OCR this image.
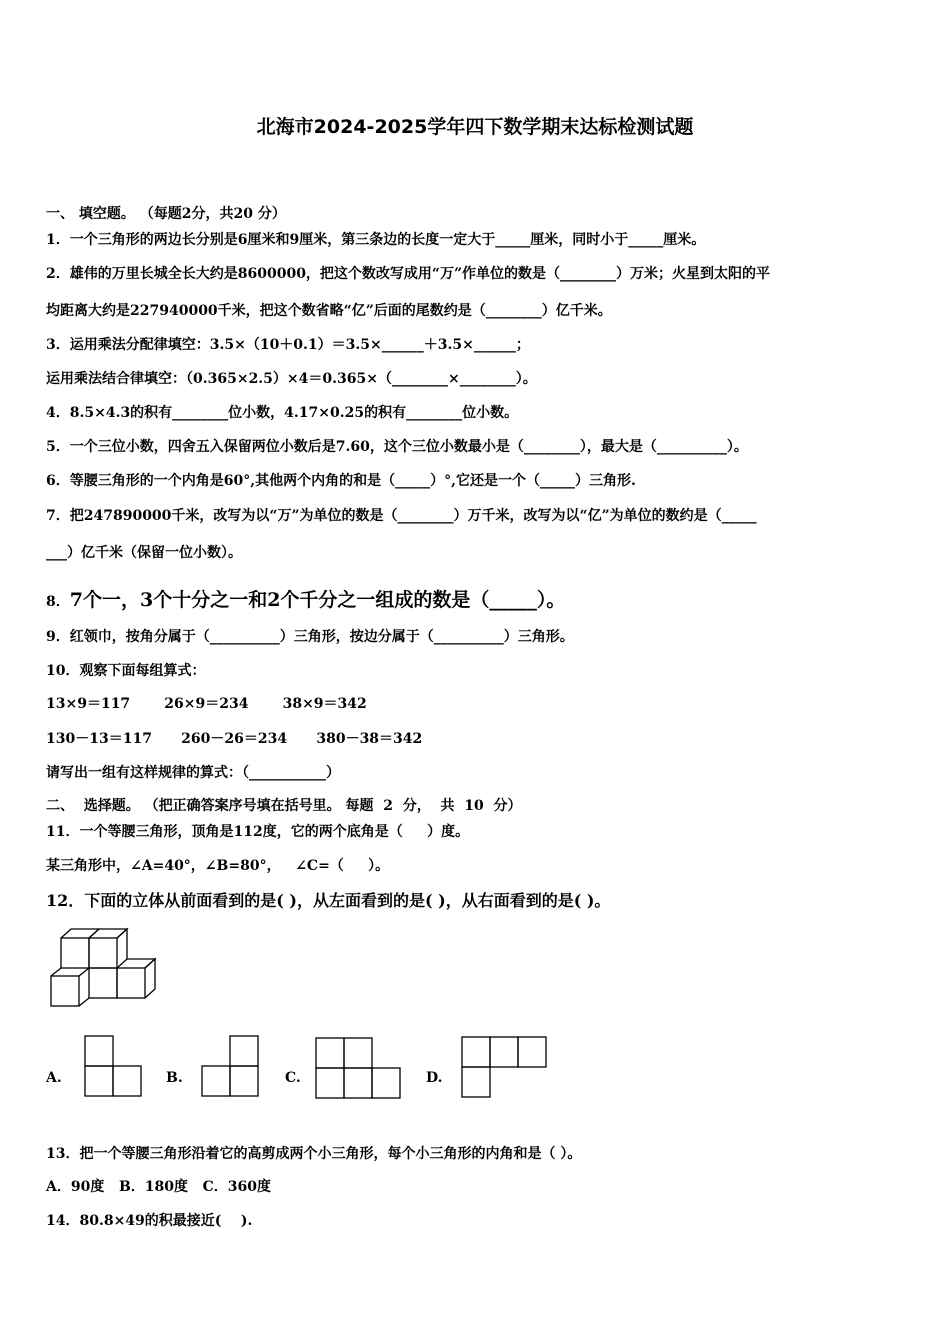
北海市2024-2025学年四下数学期末达标检测试题
一、 填空题。 （每题2分，共20 分）
1．一个三角形的两边长分别是6厘米和9厘米，第三条边的长度一定大于_____厘米，同时小于_____厘米。
2．雄伟的万里长城全长大约是8600000，把这个数改写成用“万”作单位的数是（________）万米；火星到太阳的平
均距离大约是227940000千米，把这个数省略“亿”后面的尾数约是（________）亿千米。
3．运用乘法分配律填空：3.5×（10＋0.1）＝3.5×______＋3.5×______；
运用乘法结合律填空：（0.365×2.5）×4＝0.365×（________×________）。
4．8.5×4.3的积有________位小数，4.17×0.25的积有________位小数。
5．一个三位小数，四舍五入保留两位小数后是7.60，这个三位小数最小是（________），最大是（__________）。
6．等腰三角形的一个内角是60°,其他两个内角的和是（_____）°,它还是一个（_____）三角形.
7．把247890000千米，改写为以“万”为单位的数是（________）万千米，改写为以“亿”为单位的数约是（_____
___）亿千米（保留一位小数）。
8．7个一，3个十分之一和2个千分之一组成的数是（_____）。
9．红领巾，按角分属于（__________）三角形，按边分属于（__________）三角形。
10．观察下面每组算式：
13×9＝117       26×9＝234       38×9＝342
130－13＝117      260－26＝234      380－38＝342
请写出一组有这样规律的算式：（___________）
二、  选择题。 （把正确答案序号填在括号里。 每题  2  分，  共  10  分）
11．一个等腰三角形，顶角是112度，它的两个底角是（     ）度。
某三角形中，∠A=40°，∠B=80°，   ∠C=（     ）。
12．下面的立体从前面看到的是( )，从左面看到的是( )，从右面看到的是( )。
A.	B.	C.	D.
13．把一个等腰三角形沿着它的高剪成两个小三角形，每个小三角形的内角和是（ ）。
A．90度   B．180度   C．360度
14．80.8×49的积最接近(    ).
